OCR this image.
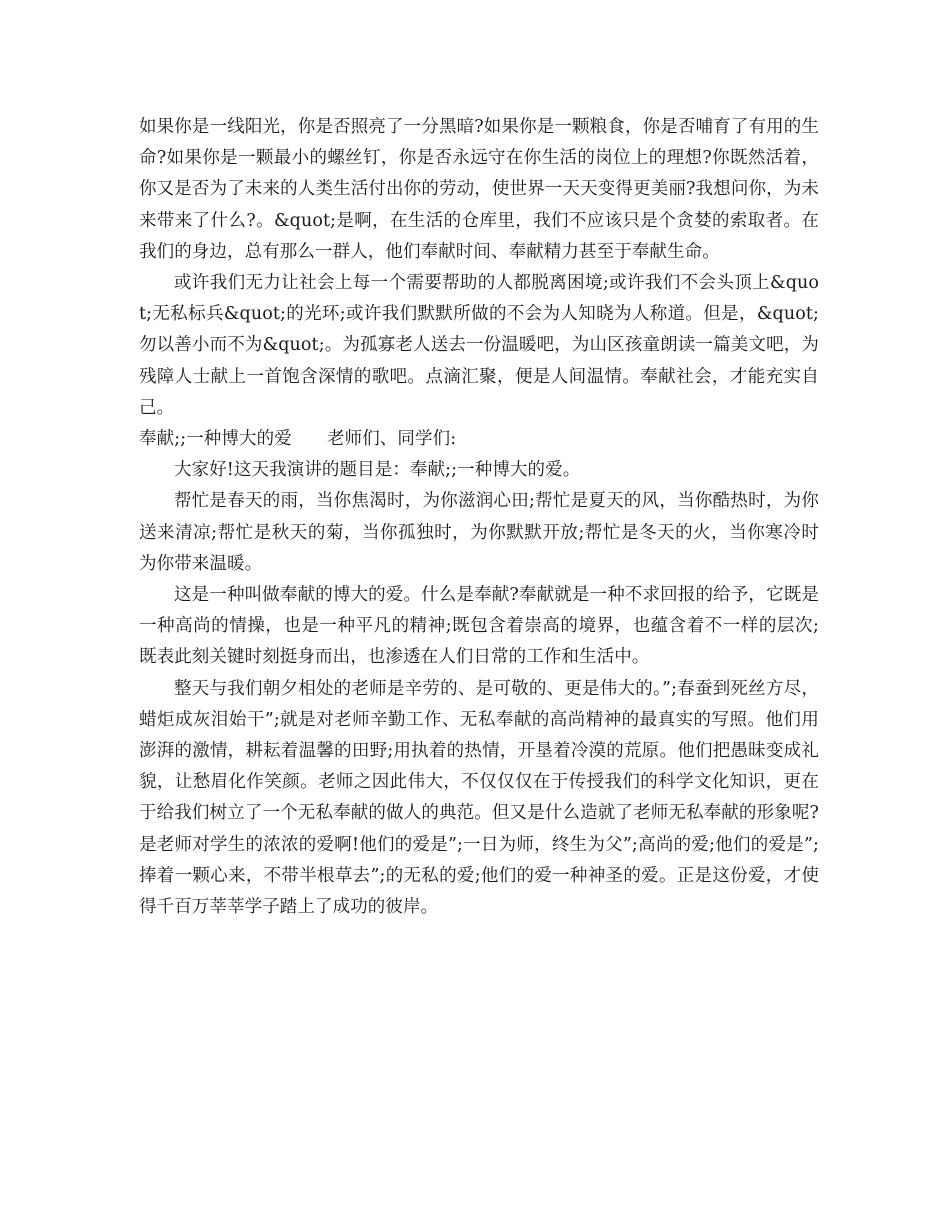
如果你是一线阳光，你是否照亮了一分黑暗?如果你是一颗粮食，你是否哺育了有用的生命?如果你是一颗最小的螺丝钉，你是否永远守在你生活的岗位上的理想?你既然活着，你又是否为了未来的人类生活付出你的劳动，使世界一天天变得更美丽?我想问你，为未来带来了什么?。&quot;是啊，在生活的仓库里，我们不应该只是个贪婪的索取者。在我们的身边，总有那么一群人，他们奉献时间、奉献精力甚至于奉献生命。

或许我们无力让社会上每一个需要帮助的人都脱离困境;或许我们不会头顶上&quot;无私标兵&quot;的光环;或许我们默默所做的不会为人知晓为人称道。但是，&quot;勿以善小而不为&quot;。为孤寡老人送去一份温暖吧，为山区孩童朗读一篇美文吧，为残障人士献上一首饱含深情的歌吧。点滴汇聚，便是人间温情。奉献社会，才能充实自己。

奉献;;一种博大的爱　　老师们、同学们:

大家好!这天我演讲的题目是：奉献;;一种博大的爱。

帮忙是春天的雨，当你焦渴时，为你滋润心田;帮忙是夏天的风，当你酷热时，为你送来清凉;帮忙是秋天的菊，当你孤独时，为你默默开放;帮忙是冬天的火，当你寒冷时为你带来温暖。

这是一种叫做奉献的博大的爱。什么是奉献?奉献就是一种不求回报的给予，它既是一种高尚的情操，也是一种平凡的精神;既包含着崇高的境界，也蕴含着不一样的层次;既表此刻关键时刻挺身而出，也渗透在人们日常的工作和生活中。

整天与我们朝夕相处的老师是辛劳的、是可敬的、更是伟大的。”;春蚕到死丝方尽，蜡炬成灰泪始干”;就是对老师辛勤工作、无私奉献的高尚精神的最真实的写照。他们用澎湃的激情，耕耘着温馨的田野;用执着的热情，开垦着冷漠的荒原。他们把愚昧变成礼貌，让愁眉化作笑颜。老师之因此伟大，不仅仅仅在于传授我们的科学文化知识，更在于给我们树立了一个无私奉献的做人的典范。但又是什么造就了老师无私奉献的形象呢?是老师对学生的浓浓的爱啊!他们的爱是”;一日为师，终生为父”;高尚的爱;他们的爱是”;捧着一颗心来，不带半根草去”;的无私的爱;他们的爱一种神圣的爱。正是这份爱，才使得千百万莘莘学子踏上了成功的彼岸。
